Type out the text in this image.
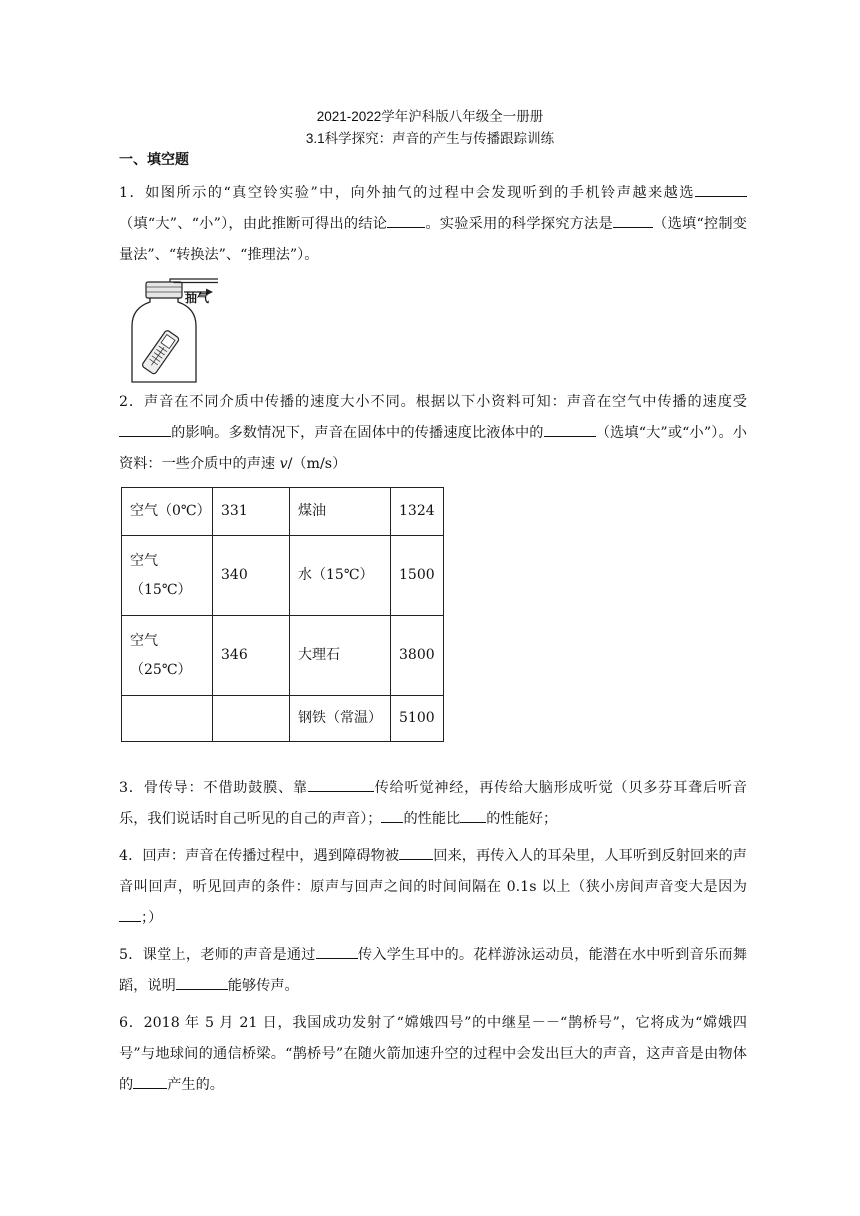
2021-2022学年沪科版八年级全一册册
3.1科学探究：声音的产生与传播跟踪训练
一、填空题
1．如图所示的“真空铃实验”中，向外抽气的过程中会发现听到的手机铃声越来越选（填“大”、“小”），由此推断可得出的结论	。实验采用的科学探究方法是	（选填“控制变量法”、“转换法”、“推理法”）。
抽气
2．声音在不同介质中传播的速度大小不同。根据以下小资料可知：声音在空气中传播的速度受的影响。多数情况下，声音在固体中的传播速度比液体中的	（选填“大”或“小”）。小资料：一些介质中的声速 v/（m/s）
空气（0℃）	331	煤油	1324

空气
（15℃）	340	水（15℃）	1500

空气
（25℃）	346	大理石	3800
		钢铁（常温）	5100
3．骨传导：不借助鼓膜、靠	传给听觉神经，再传给大脑形成听觉（贝多芬耳聋后听音乐，我们说话时自己听见的自己的声音）； 的性能比 的性能好；
4．回声：声音在传播过程中，遇到障碍物被 回来，再传入人的耳朵里，人耳听到反射回来的声音叫回声，听见回声的条件：原声与回声之间的时间间隔在 0.1s 以上（狭小房间声音变大是因为；）
5．课堂上，老师的声音是通过	传入学生耳中的。花样游泳运动员，能潜在水中听到音乐而舞蹈，说明	能够传声。
6．2018 年 5 月 21 日，我国成功发射了“嫦娥四号”的中继星－－“鹊桥号”，它将成为“嫦娥四号”与地球间的通信桥梁。“鹊桥号”在随火箭加速升空的过程中会发出巨大的声音，这声音是由物体的 产生的。
